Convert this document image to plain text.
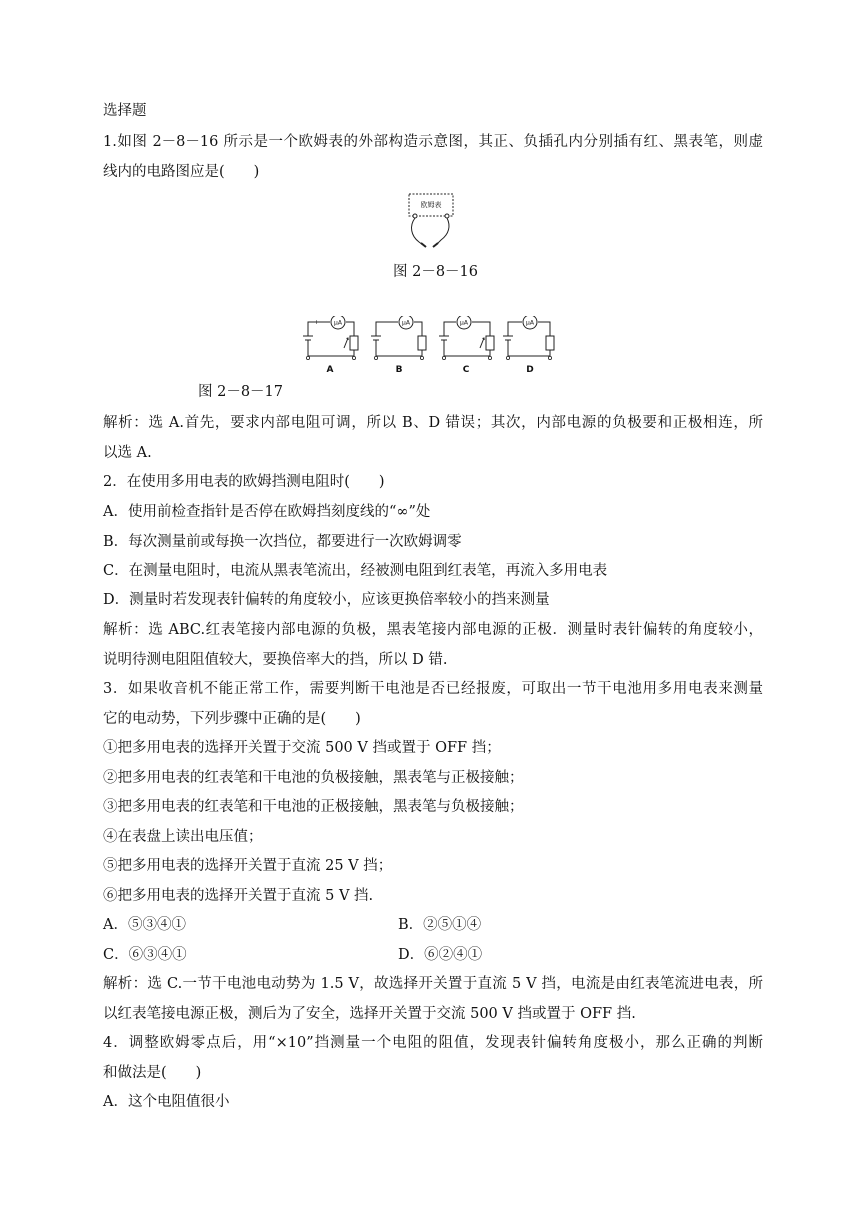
选择题
1.如图 2－8－16 所示是一个欧姆表的外部构造示意图，其正、负插孔内分别插有红、黑表笔，则虚
线内的电路图应是(　　)
欧姆表
图 2－8－16
+	μA
A
μA
B
μA
C
μA
D
图 2－8－17
解析：选 A.首先，要求内部电阻可调，所以 B、D 错误；其次，内部电源的负极要和正极相连，所
以选 A.
2．在使用多用电表的欧姆挡测电阻时(　　)
A．使用前检查指针是否停在欧姆挡刻度线的“∞”处
B．每次测量前或每换一次挡位，都要进行一次欧姆调零
C．在测量电阻时，电流从黑表笔流出，经被测电阻到红表笔，再流入多用电表
D．测量时若发现表针偏转的角度较小，应该更换倍率较小的挡来测量
解析：选 ABC.红表笔接内部电源的负极，黑表笔接内部电源的正极．测量时表针偏转的角度较小，
说明待测电阻阻值较大，要换倍率大的挡，所以 D 错.
3．如果收音机不能正常工作，需要判断干电池是否已经报废，可取出一节干电池用多用电表来测量
它的电动势，下列步骤中正确的是(　　)
①把多用电表的选择开关置于交流 500 V 挡或置于 OFF 挡；
②把多用电表的红表笔和干电池的负极接触，黑表笔与正极接触；
③把多用电表的红表笔和干电池的正极接触，黑表笔与负极接触；
④在表盘上读出电压值；
⑤把多用电表的选择开关置于直流 25 V 挡；
⑥把多用电表的选择开关置于直流 5 V 挡.
A．⑤③④①	B．②⑤①④
C．⑥③④①	D．⑥②④①
解析：选 C.一节干电池电动势为 1.5 V，故选择开关置于直流 5 V 挡，电流是由红表笔流进电表，所
以红表笔接电源正极，测后为了安全，选择开关置于交流 500 V 挡或置于 OFF 挡.
4．调整欧姆零点后，用“×10”挡测量一个电阻的阻值，发现表针偏转角度极小，那么正确的判断
和做法是(　　)
A．这个电阻值很小
